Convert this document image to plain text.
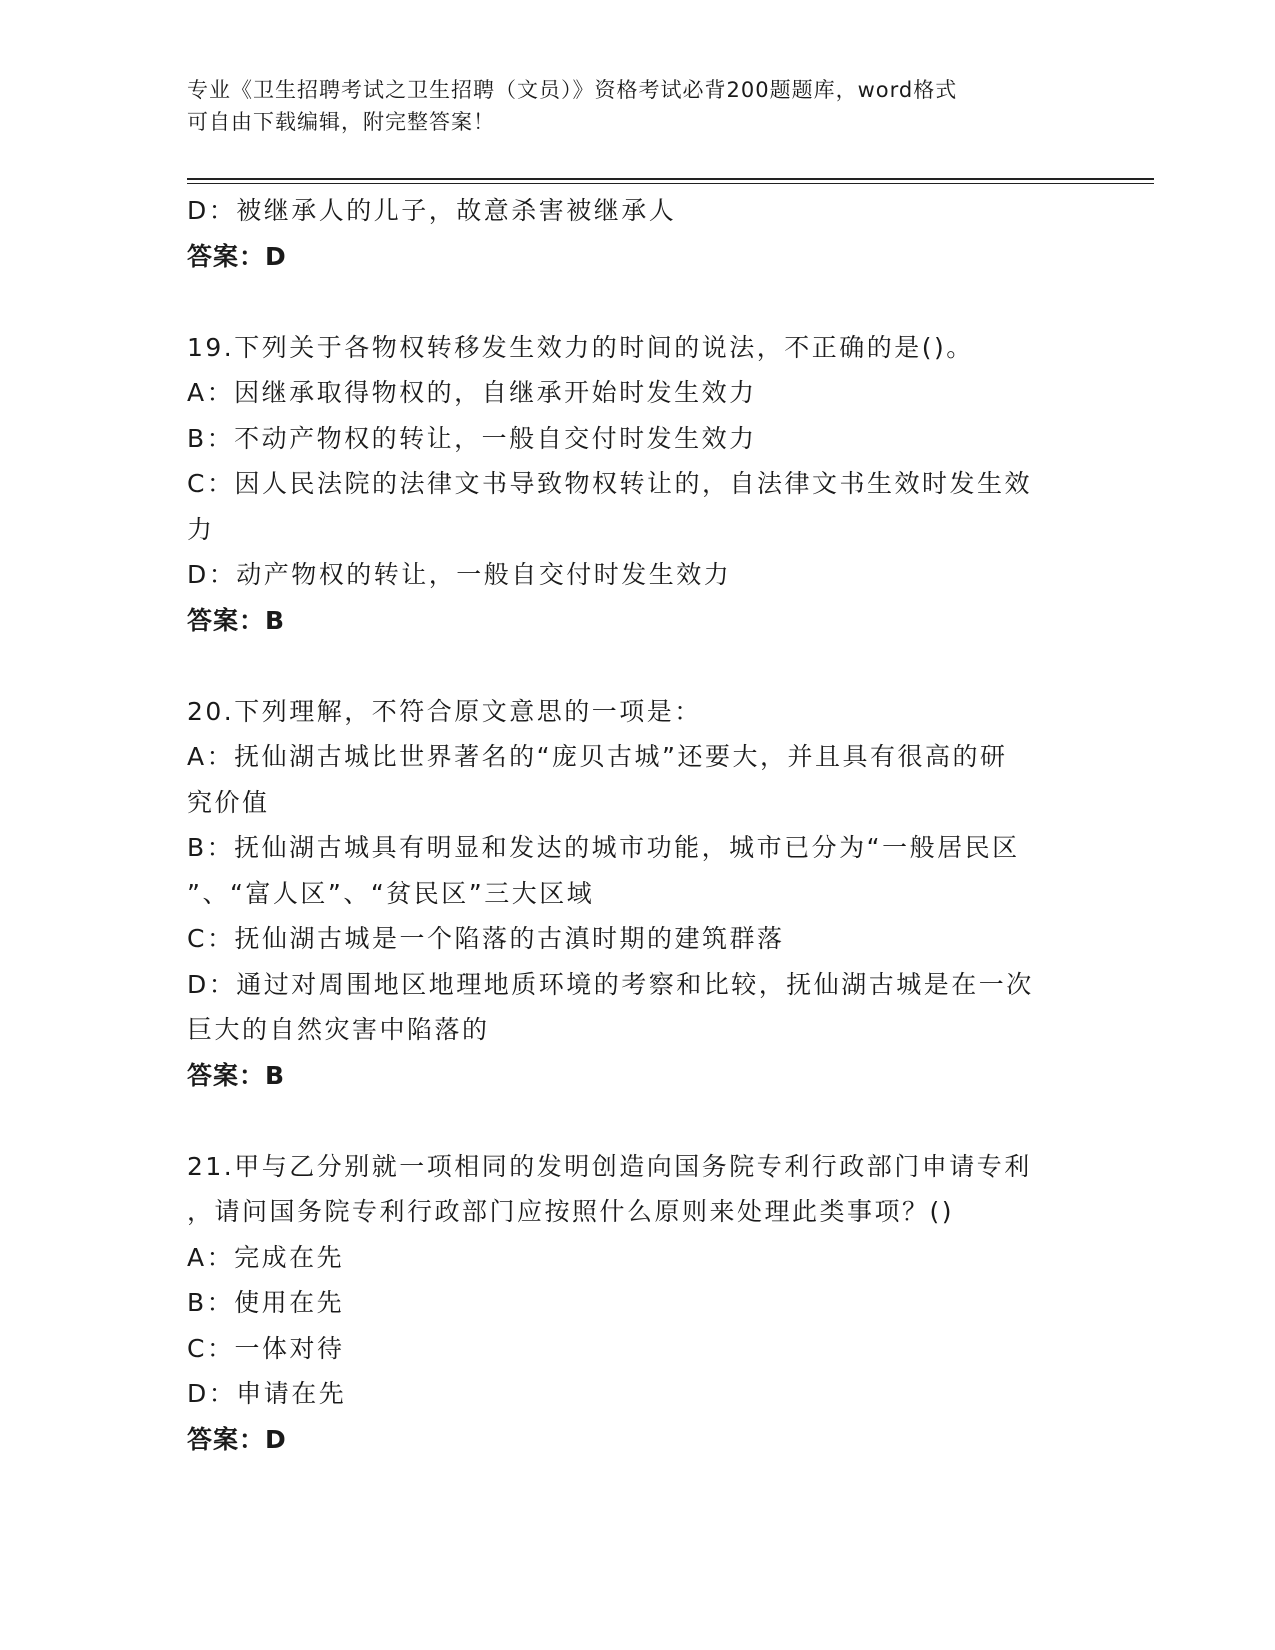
专业《卫生招聘考试之卫生招聘（文员）》资格考试必背200题题库，word格式
可自由下载编辑，附完整答案！

D：被继承人的儿子，故意杀害被继承人

答案：D

19.下列关于各物权转移发生效力的时间的说法，不正确的是()。

A：因继承取得物权的，自继承开始时发生效力

B：不动产物权的转让，一般自交付时发生效力

C：因人民法院的法律文书导致物权转让的，自法律文书生效时发生效

力

D：动产物权的转让，一般自交付时发生效力

答案：B

20.下列理解，不符合原文意思的一项是：

A：抚仙湖古城比世界著名的“庞贝古城”还要大，并且具有很高的研

究价值

B：抚仙湖古城具有明显和发达的城市功能，城市已分为“一般居民区

”、“富人区”、“贫民区”三大区域

C：抚仙湖古城是一个陷落的古滇时期的建筑群落

D：通过对周围地区地理地质环境的考察和比较，抚仙湖古城是在一次

巨大的自然灾害中陷落的

答案：B

21.甲与乙分别就一项相同的发明创造向国务院专利行政部门申请专利

，请问国务院专利行政部门应按照什么原则来处理此类事项？()

A：完成在先

B：使用在先

C：一体对待

D：申请在先

答案：D
